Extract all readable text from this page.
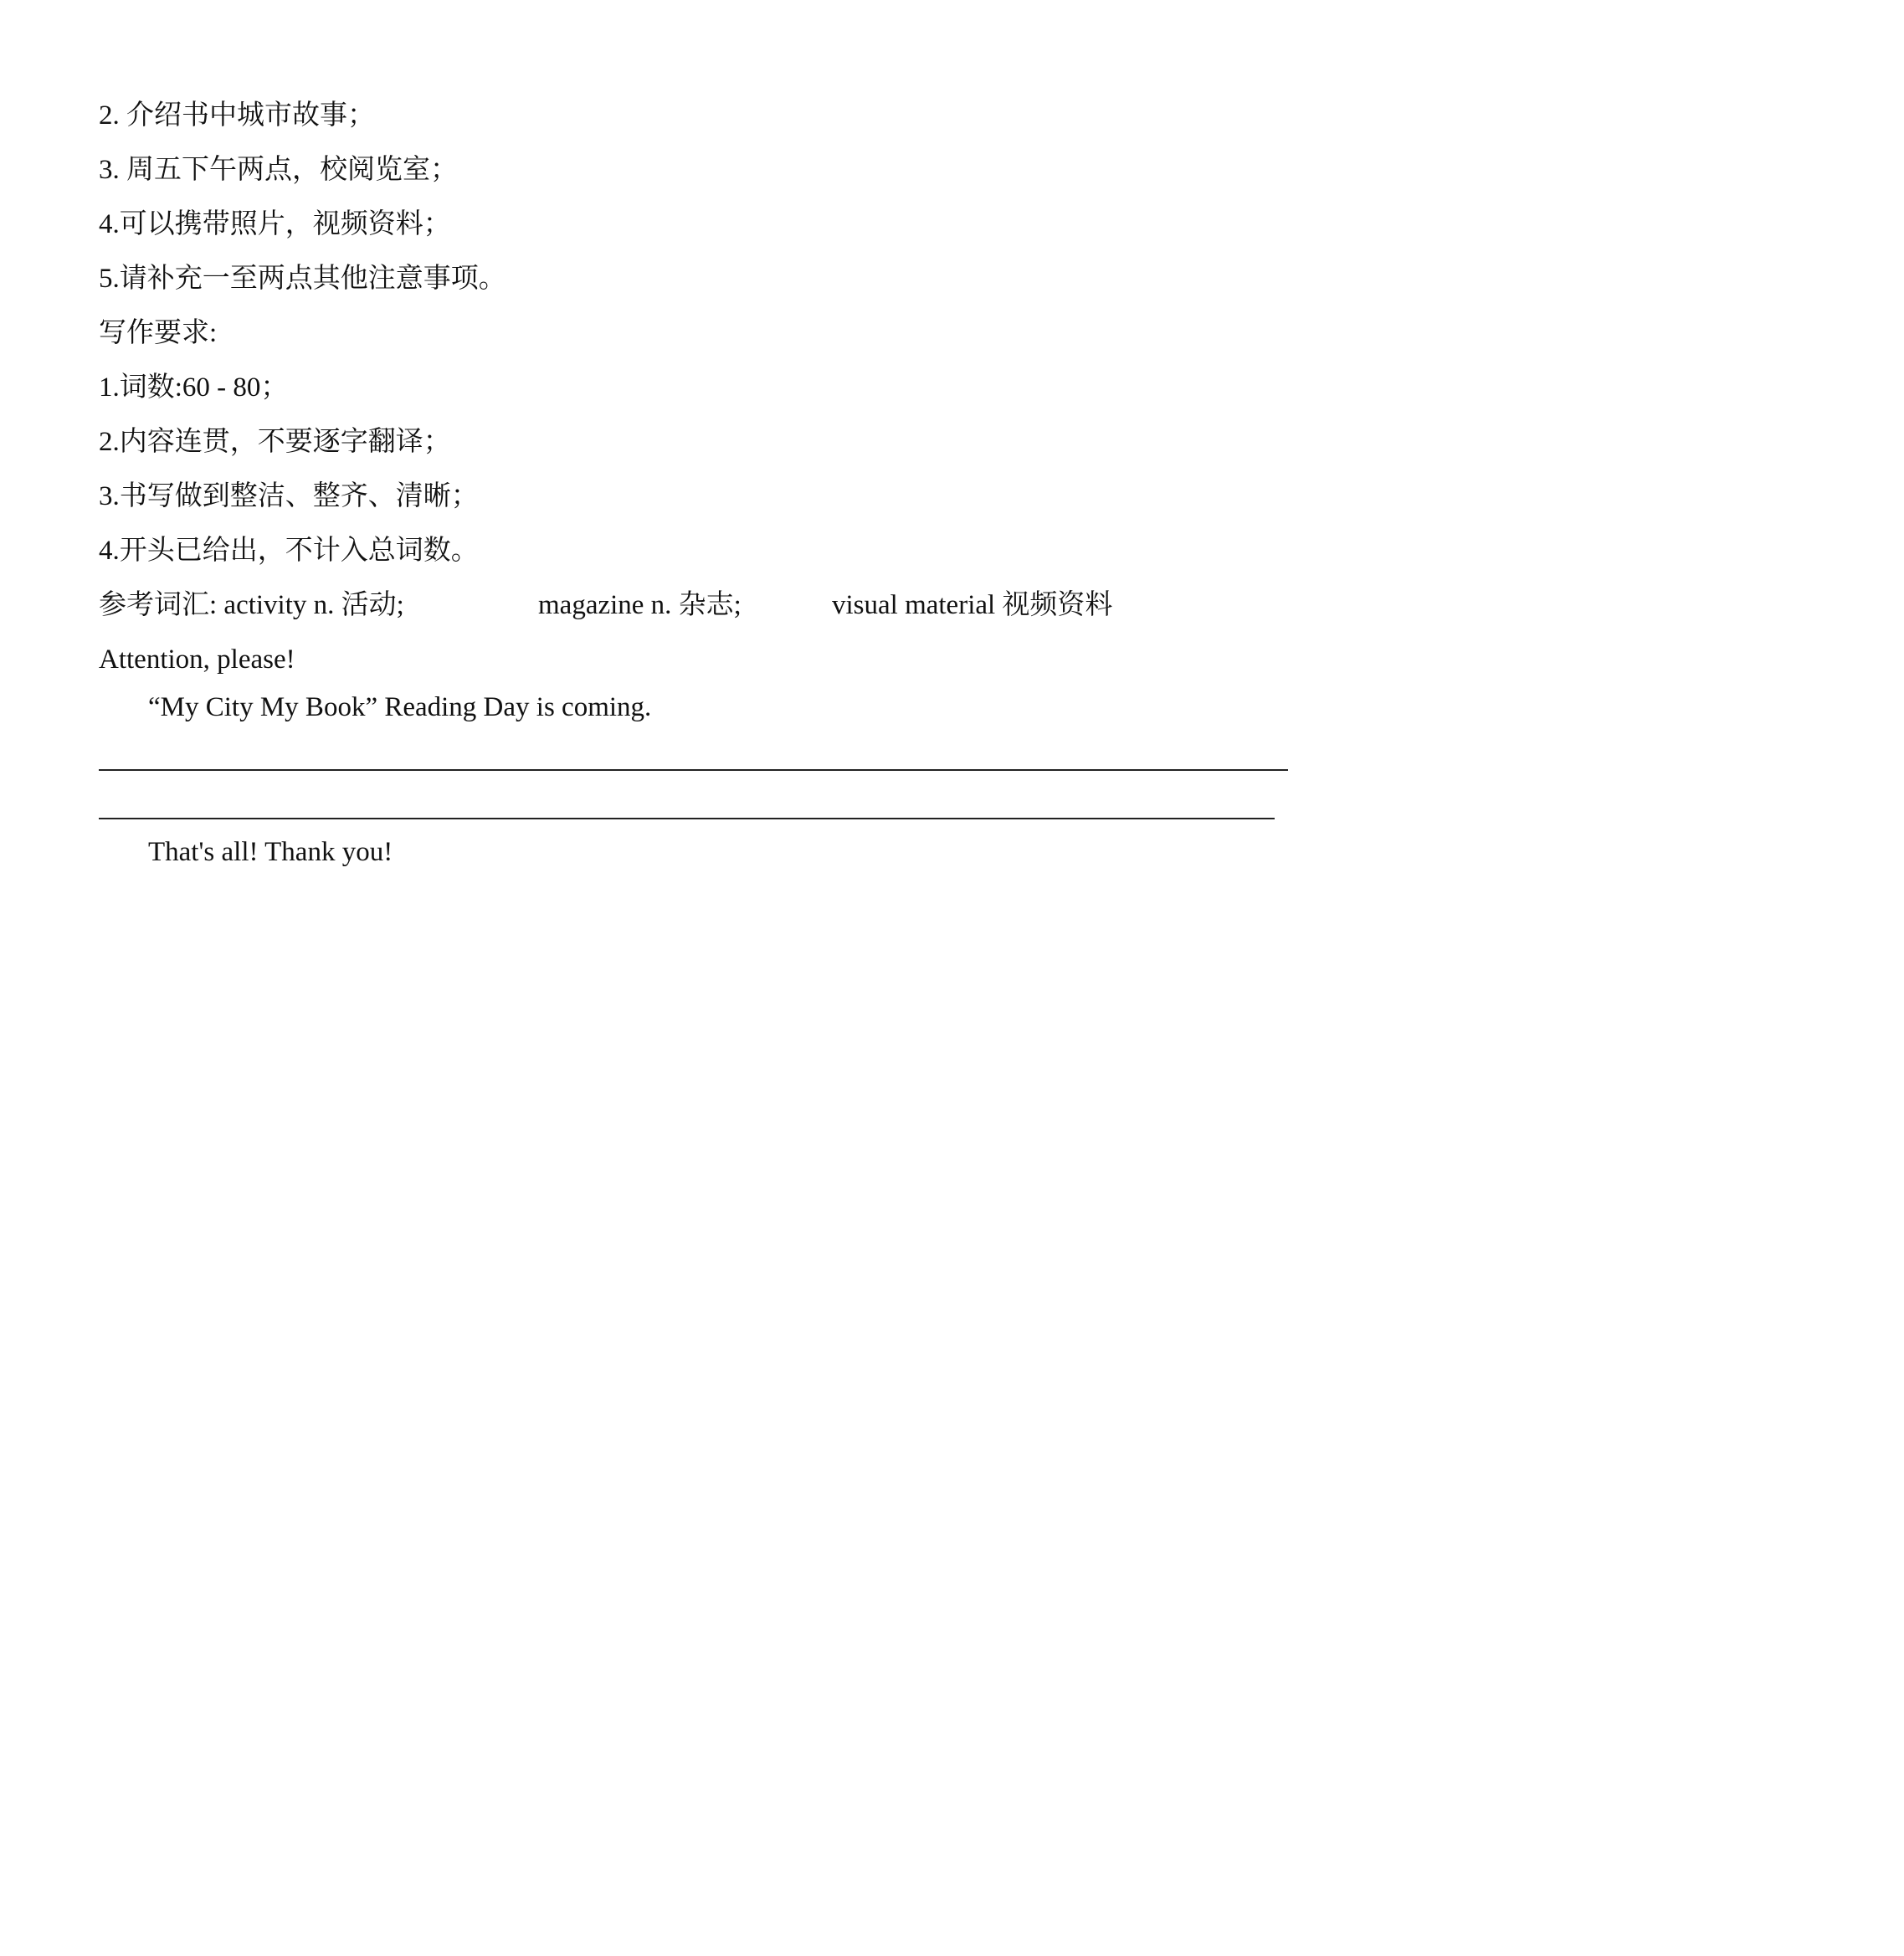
2. 介绍书中城市故事；
3. 周五下午两点，校阅览室；
4.可以携带照片，视频资料；
5.请补充一至两点其他注意事项。
写作要求:
1.词数:60 - 80；
2.内容连贯，不要逐字翻译；
3.书写做到整洁、整齐、清晰；
4.开头已给出，不计入总词数。
参考词汇: activity n. 活动;	magazine n. 杂志;	visual material 视频资料
Attention, please!
“My City My Book” Reading Day is coming.
That's all! Thank you!
